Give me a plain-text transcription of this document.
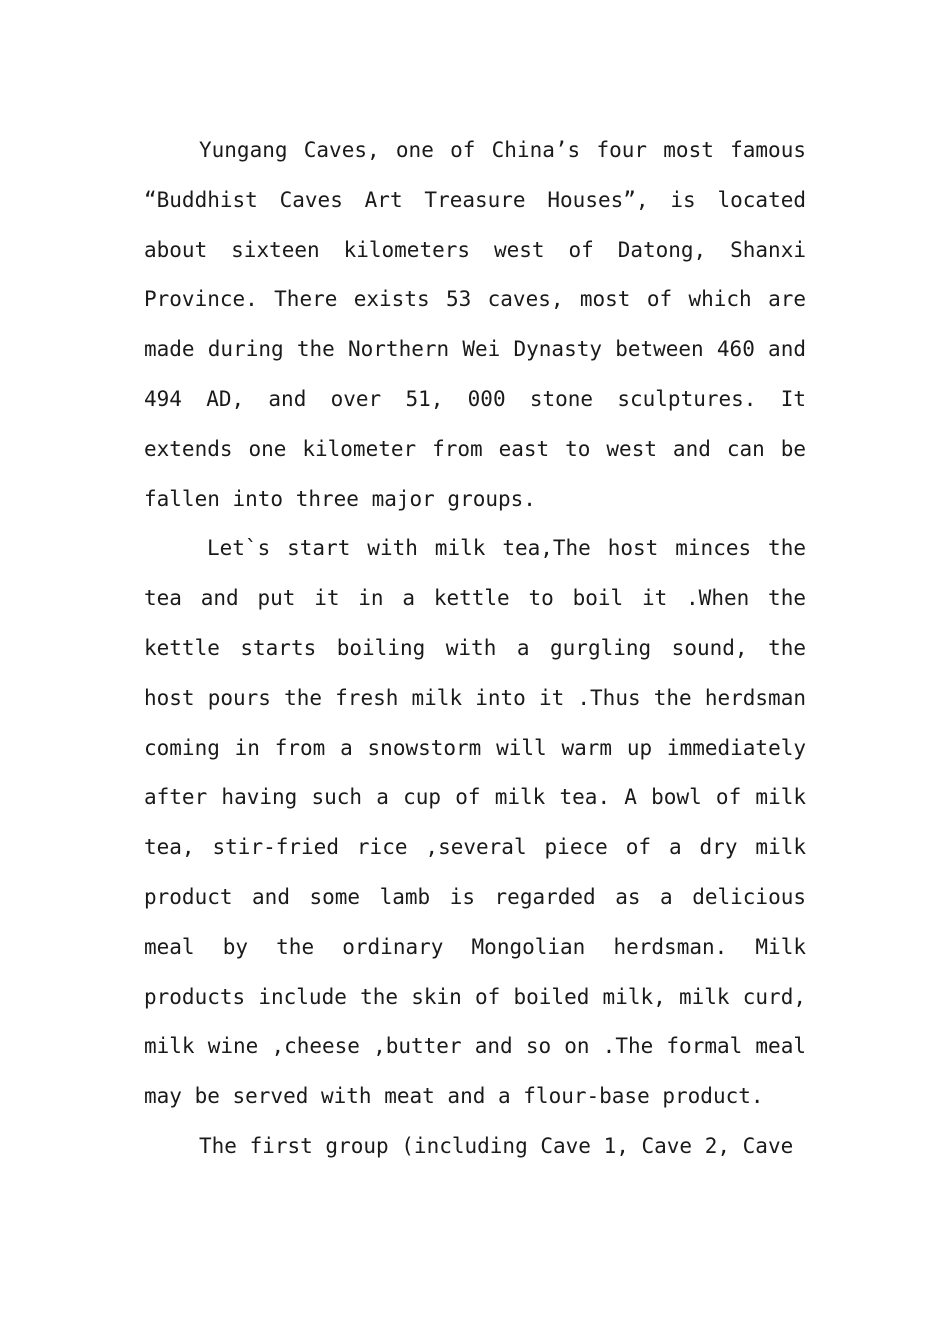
Yungang Caves, one of China’s four most famous “Buddhist Caves Art Treasure Houses”, is located about sixteen kilometers west of Datong, Shanxi Province. There exists 53 caves, most of which are made during the Northern Wei Dynasty between 460 and 494 AD, and over 51, 000 stone sculptures. It extends one kilometer from east to west and can be fallen into three major groups.

Let`s start with milk tea,The host minces the tea and put it in a kettle to boil it .When the kettle starts boiling with a gurgling sound, the host pours the fresh milk into it .Thus the herdsman coming in from a snowstorm will warm up immediately after having such a cup of milk tea. A bowl of milk tea, stir-fried rice ,several piece of a dry milk product and some lamb is regarded as a delicious meal by the ordinary Mongolian herdsman. Milk products include the skin of boiled milk, milk curd, milk wine ,cheese ,butter and so on .The formal meal may be served with meat and a flour-base product.

The first group (including Cave 1, Cave 2, Cave
